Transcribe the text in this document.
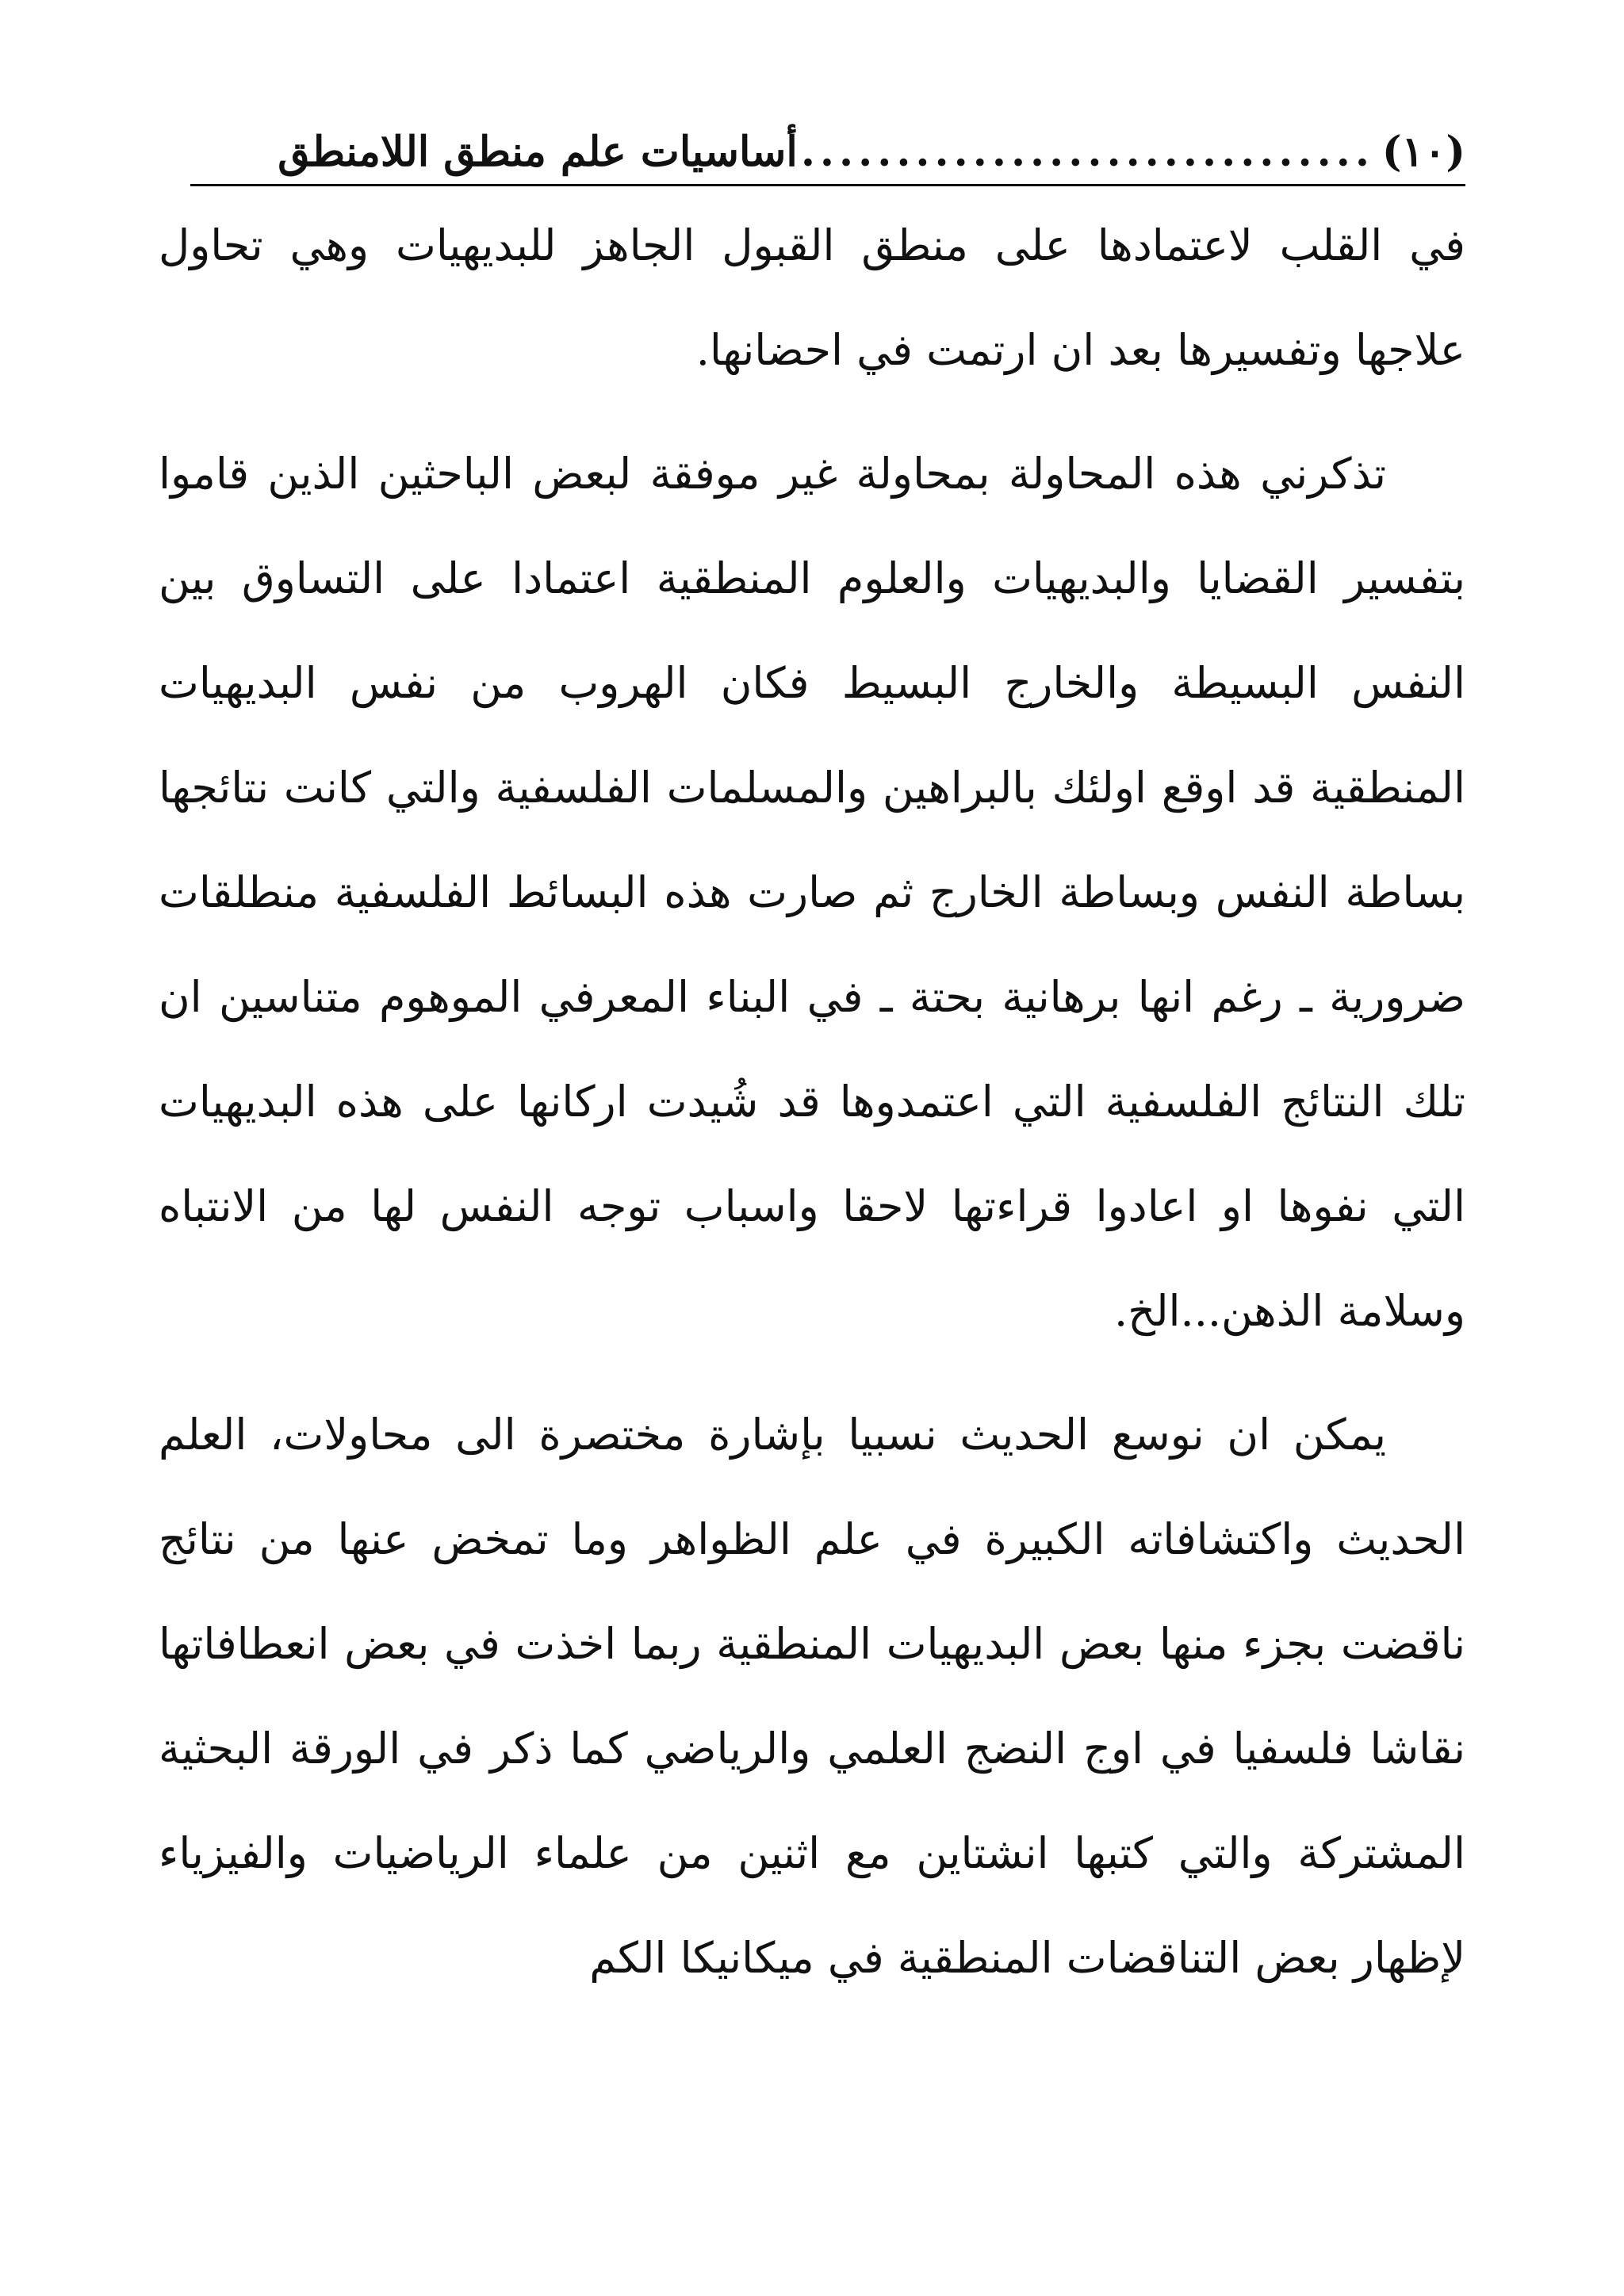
(١٠)
..............................
أساسيات علم منطق اللامنطق

في القلب لاعتمادها على منطق القبول الجاهز للبديهيات وهي تحاول علاجها وتفسيرها بعد ان ارتمت في احضانها.

تذكرني هذه المحاولة بمحاولة غير موفقة لبعض الباحثين الذين قاموا بتفسير القضايا والبديهيات والعلوم المنطقية اعتمادا على التساوق بين النفس البسيطة والخارج البسيط فكان الهروب من نفس البديهيات المنطقية قد اوقع اولئك بالبراهين والمسلمات الفلسفية والتي كانت نتائجها بساطة النفس وبساطة الخارج ثم صارت هذه البسائط الفلسفية منطلقات ضرورية ـ رغم انها برهانية بحتة ـ في البناء المعرفي الموهوم متناسين ان تلك النتائج الفلسفية التي اعتمدوها قد شُيدت اركانها على هذه البديهيات التي نفوها او اعادوا قراءتها لاحقا واسباب توجه النفس لها من الانتباه وسلامة الذهن...الخ.

يمكن ان نوسع الحديث نسبيا بإشارة مختصرة الى محاولات، العلم الحديث واكتشافاته الكبيرة في علم الظواهر وما تمخض عنها من نتائج ناقضت بجزء منها بعض البديهيات المنطقية ربما اخذت في بعض انعطافاتها نقاشا فلسفيا في اوج النضج العلمي والرياضي كما ذكر في الورقة البحثية المشتركة والتي كتبها انشتاين مع اثنين من علماء الرياضيات والفيزياء لإظهار بعض التناقضات المنطقية في ميكانيكا الكم
